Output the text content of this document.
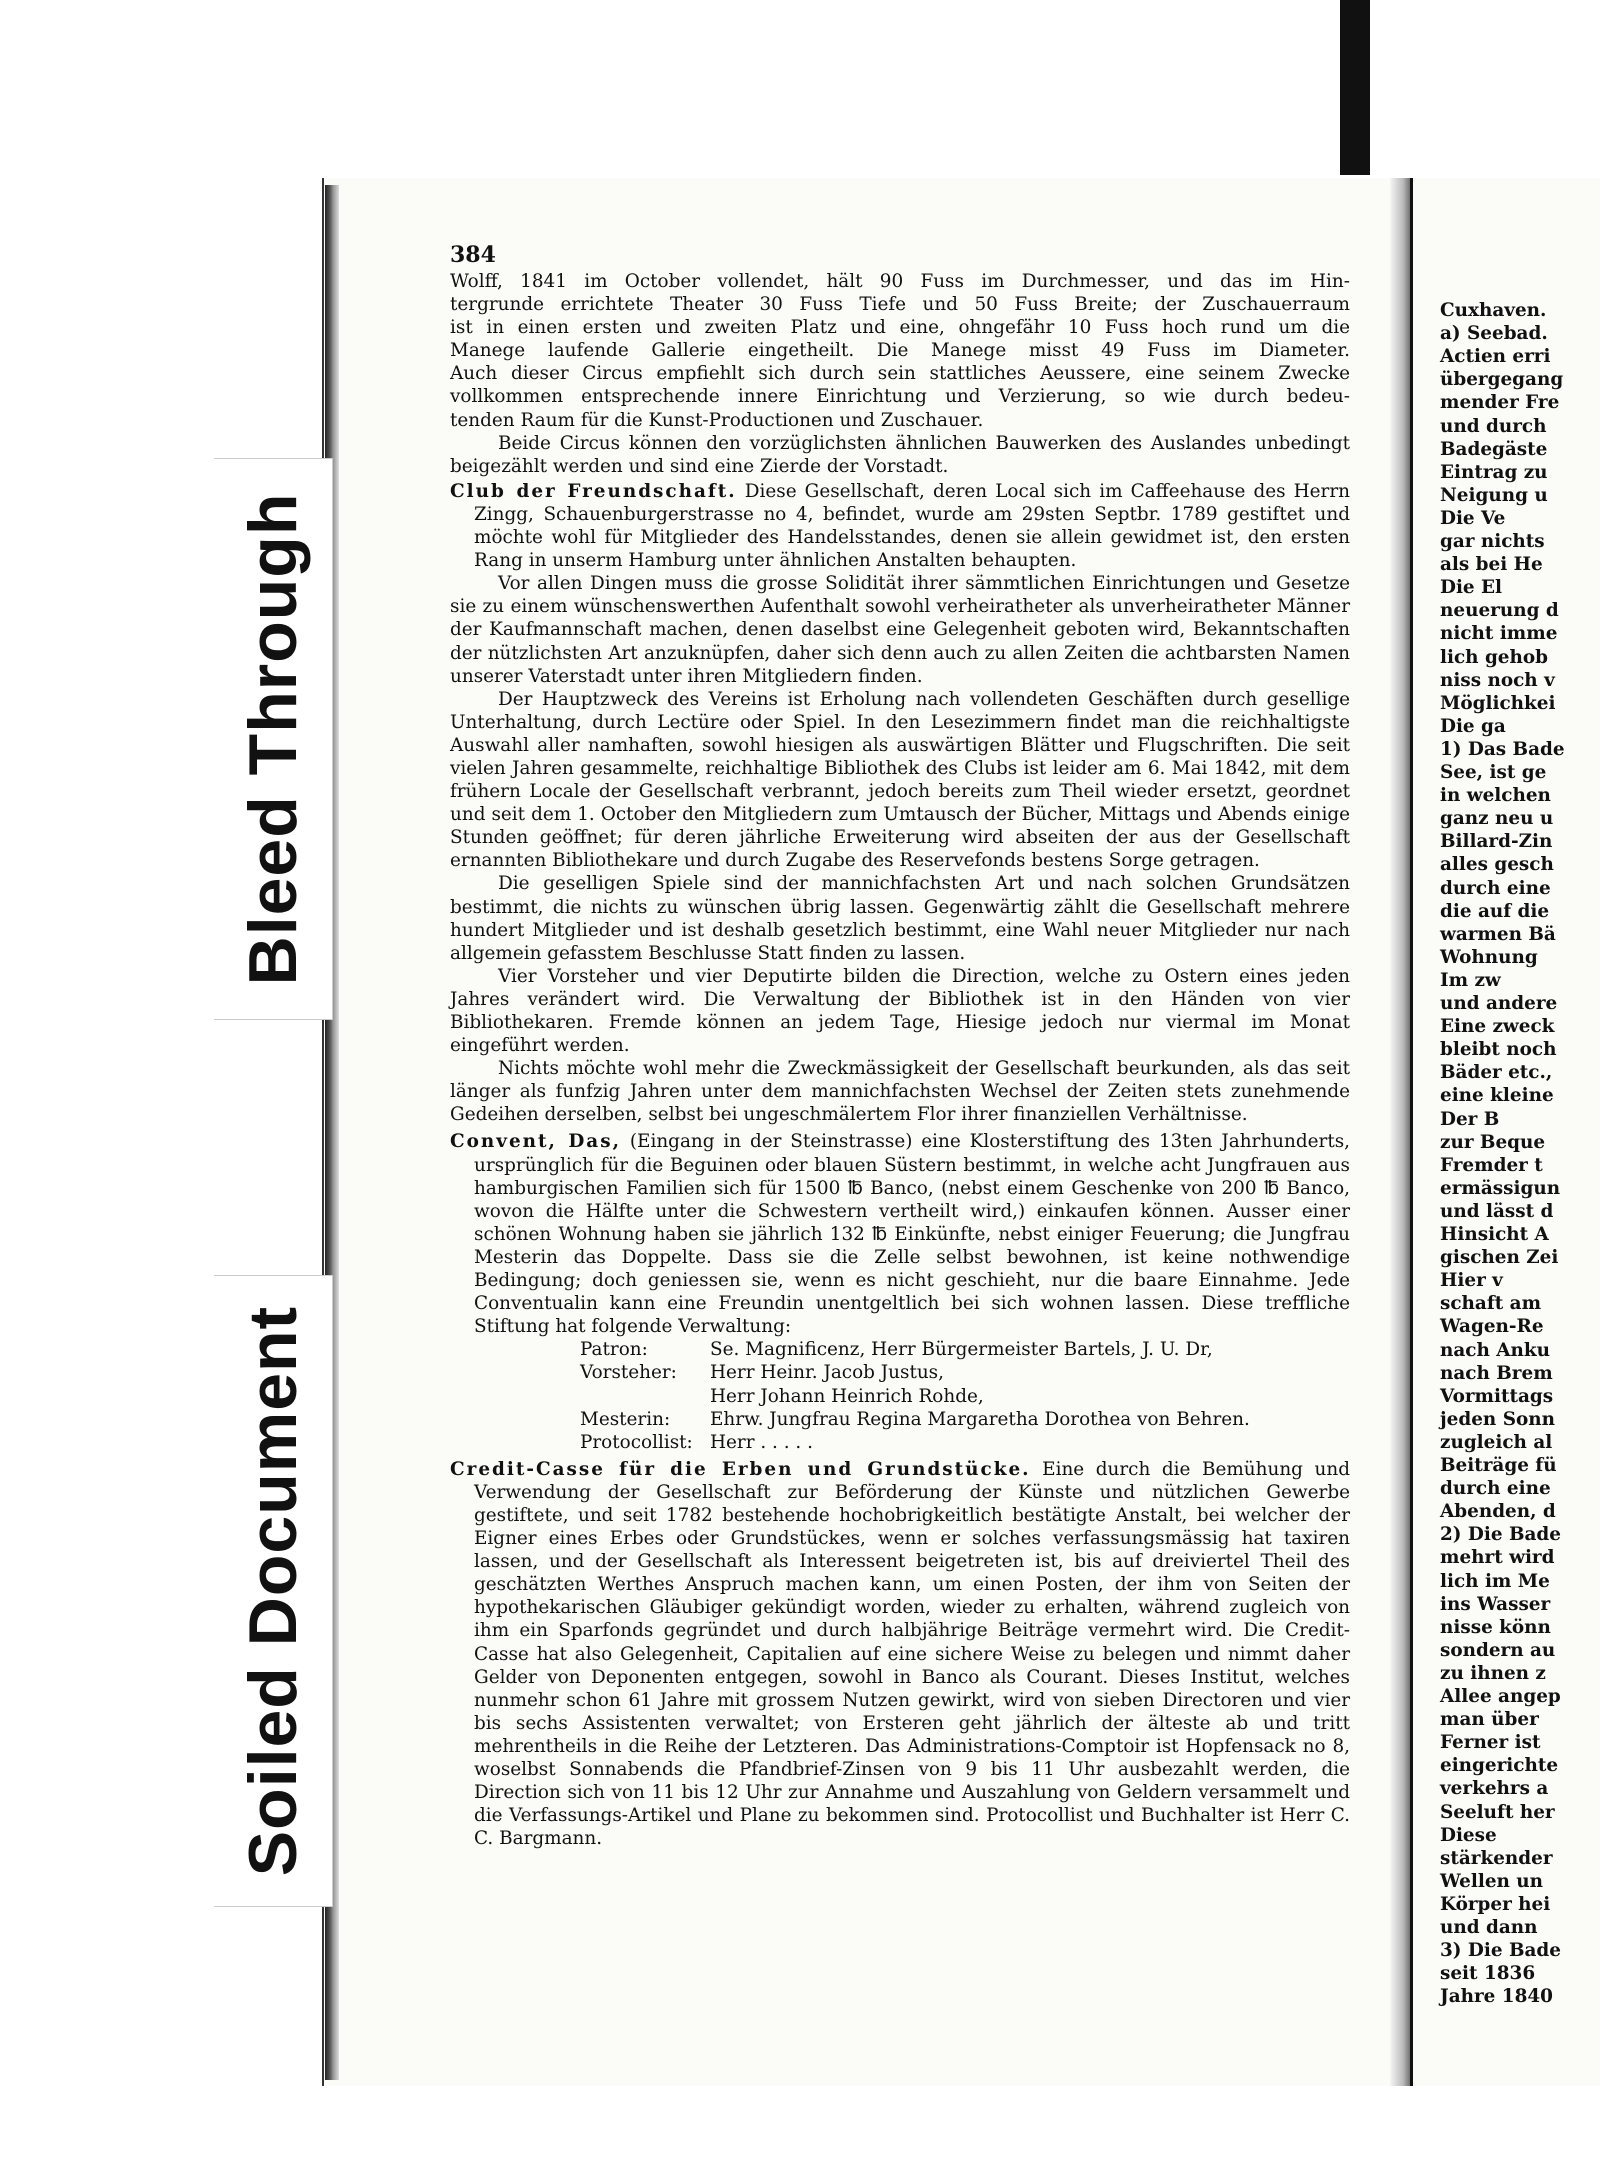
Cuxhaven.
a) Seebad.
Actien erri
übergegang
mender Fre
und durch
Badegäste
Eintrag zu
Neigung u
Die Ve
gar nichts
als bei He
Die El
neuerung d
nicht imme
lich gehob
niss noch v
Möglichkei
Die ga
1) Das Bade
See, ist ge
in welchen
ganz neu u
Billard-Zin
alles gesch
durch eine
die auf die
warmen Bä
Wohnung
Im zw
und andere
Eine zweck
bleibt noch
Bäder etc.,
eine kleine
Der B
zur Beque
Fremder t
ermässigun
und lässt d
Hinsicht A
gischen Zei
Hier v
schaft am
Wagen-Re
nach Anku
nach Brem
Vormittags
jeden Sonn
zugleich al
Beiträge fü
durch eine
Abenden, d
2) Die Bade
mehrt wird
lich im Me
ins Wasser
nisse könn
sondern au
zu ihnen z
Allee angep
man über
Ferner ist
eingerichte
verkehrs a
Seeluft her
Diese
stärkender
Wellen un
Körper hei
und dann
3) Die Bade
seit 1836
Jahre 1840
Bleed Through
Soiled Document
384
Wolff, 1841 im October vollendet, hält 90 Fuss im Durchmesser, und das im Hin-
tergrunde errichtete Theater 30 Fuss Tiefe und 50 Fuss Breite; der Zuschauerraum
ist in einen ersten und zweiten Platz und eine, ohngefähr 10 Fuss hoch rund um die
Manege laufende Gallerie eingetheilt. Die Manege misst 49 Fuss im Diameter.
Auch dieser Circus empfiehlt sich durch sein stattliches Aeussere, eine seinem Zwecke
vollkommen entsprechende innere Einrichtung und Verzierung, so wie durch bedeu-
tenden Raum für die Kunst-Productionen und Zuschauer.

Beide Circus können den vorzüglichsten ähnlichen Bauwerken des Auslandes unbedingt beigezählt werden und sind eine Zierde der Vorstadt.

Club der Freundschaft. Diese Gesellschaft, deren Local sich im Caffeehause des Herrn Zingg, Schauenburgerstrasse no 4, befindet, wurde am 29sten Septbr. 1789 gestiftet und möchte wohl für Mitglieder des Handelsstandes, denen sie allein gewidmet ist, den ersten Rang in unserm Hamburg unter ähnlichen Anstalten behaupten.

Vor allen Dingen muss die grosse Solidität ihrer sämmtlichen Einrichtungen und Gesetze sie zu einem wünschenswerthen Aufenthalt sowohl verheiratheter als unverheiratheter Männer der Kaufmannschaft machen, denen daselbst eine Gelegenheit geboten wird, Bekanntschaften der nützlichsten Art anzuknüpfen, daher sich denn auch zu allen Zeiten die achtbarsten Namen unserer Vaterstadt unter ihren Mitgliedern finden.

Der Hauptzweck des Vereins ist Erholung nach vollendeten Geschäften durch gesellige Unterhaltung, durch Lectüre oder Spiel. In den Lesezimmern findet man die reichhaltigste Auswahl aller namhaften, sowohl hiesigen als auswärtigen Blätter und Flugschriften. Die seit vielen Jahren gesammelte, reichhaltige Bibliothek des Clubs ist leider am 6. Mai 1842, mit dem frühern Locale der Gesellschaft verbrannt, jedoch bereits zum Theil wieder ersetzt, geordnet und seit dem 1. October den Mitgliedern zum Umtausch der Bücher, Mittags und Abends einige Stunden geöffnet; für deren jährliche Erweiterung wird abseiten der aus der Gesellschaft ernannten Bibliothekare und durch Zugabe des Reservefonds bestens Sorge getragen.

Die geselligen Spiele sind der mannichfachsten Art und nach solchen Grundsätzen bestimmt, die nichts zu wünschen übrig lassen. Gegenwärtig zählt die Gesellschaft mehrere hundert Mitglieder und ist deshalb gesetzlich bestimmt, eine Wahl neuer Mitglieder nur nach allgemein gefasstem Beschlusse Statt finden zu lassen.

Vier Vorsteher und vier Deputirte bilden die Direction, welche zu Ostern eines jeden Jahres verändert wird. Die Verwaltung der Bibliothek ist in den Händen von vier Bibliothekaren. Fremde können an jedem Tage, Hiesige jedoch nur viermal im Monat eingeführt werden.

Nichts möchte wohl mehr die Zweckmässigkeit der Gesellschaft beurkunden, als das seit länger als funfzig Jahren unter dem mannichfachsten Wechsel der Zeiten stets zunehmende Gedeihen derselben, selbst bei ungeschmälertem Flor ihrer finanziellen Verhältnisse.

Convent, Das, (Eingang in der Steinstrasse) eine Klosterstiftung des 13ten Jahrhunderts, ursprünglich für die Beguinen oder blauen Süstern bestimmt, in welche acht Jungfrauen aus hamburgischen Familien sich für 1500 ℔ Banco, (nebst einem Geschenke von 200 ℔ Banco, wovon die Hälfte unter die Schwestern vertheilt wird,) einkaufen können. Ausser einer schönen Wohnung haben sie jährlich 132 ℔ Einkünfte, nebst einiger Feuerung; die Jungfrau Mesterin das Doppelte. Dass sie die Zelle selbst bewohnen, ist keine nothwendige Bedingung; doch geniessen sie, wenn es nicht geschieht, nur die baare Einnahme. Jede Conventualin kann eine Freundin unentgeltlich bei sich wohnen lassen. Diese treffliche Stiftung hat folgende Verwaltung:

Patron:	Se. Magnificenz, Herr Bürgermeister Bartels, J. U. Dr,
Vorsteher:	Herr Heinr. Jacob Justus,
Herr Johann Heinrich Rohde,
Mesterin:	Ehrw. Jungfrau Regina Margaretha Dorothea von Behren.
Protocollist: Herr . . . . .

Credit-Casse für die Erben und Grundstücke. Eine durch die Bemühung und Verwendung der Gesellschaft zur Beförderung der Künste und nützlichen Gewerbe gestiftete, und seit 1782 bestehende hochobrigkeitlich bestätigte Anstalt, bei welcher der Eigner eines Erbes oder Grundstückes, wenn er solches verfassungsmässig hat taxiren lassen, und der Gesellschaft als Interessent beigetreten ist, bis auf dreiviertel Theil des geschätzten Werthes Anspruch machen kann, um einen Posten, der ihm von Seiten der hypothekarischen Gläubiger gekündigt worden, wieder zu erhalten, während zugleich von ihm ein Sparfonds gegründet und durch halbjährige Beiträge vermehrt wird. Die Credit-Casse hat also Gelegenheit, Capitalien auf eine sichere Weise zu belegen und nimmt daher Gelder von Deponenten entgegen, sowohl in Banco als Courant. Dieses Institut, welches nunmehr schon 61 Jahre mit grossem Nutzen gewirkt, wird von sieben Directoren und vier bis sechs Assistenten verwaltet; von Ersteren geht jährlich der älteste ab und tritt mehrentheils in die Reihe der Letzteren. Das Administrations-Comptoir ist Hopfensack no 8, woselbst Sonnabends die Pfandbrief-Zinsen von 9 bis 11 Uhr ausbezahlt werden, die Direction sich von 11 bis 12 Uhr zur Annahme und Auszahlung von Geldern versammelt und die Verfassungs-Artikel und Plane zu bekommen sind. Protocollist und Buchhalter ist Herr C. C. Bargmann.
